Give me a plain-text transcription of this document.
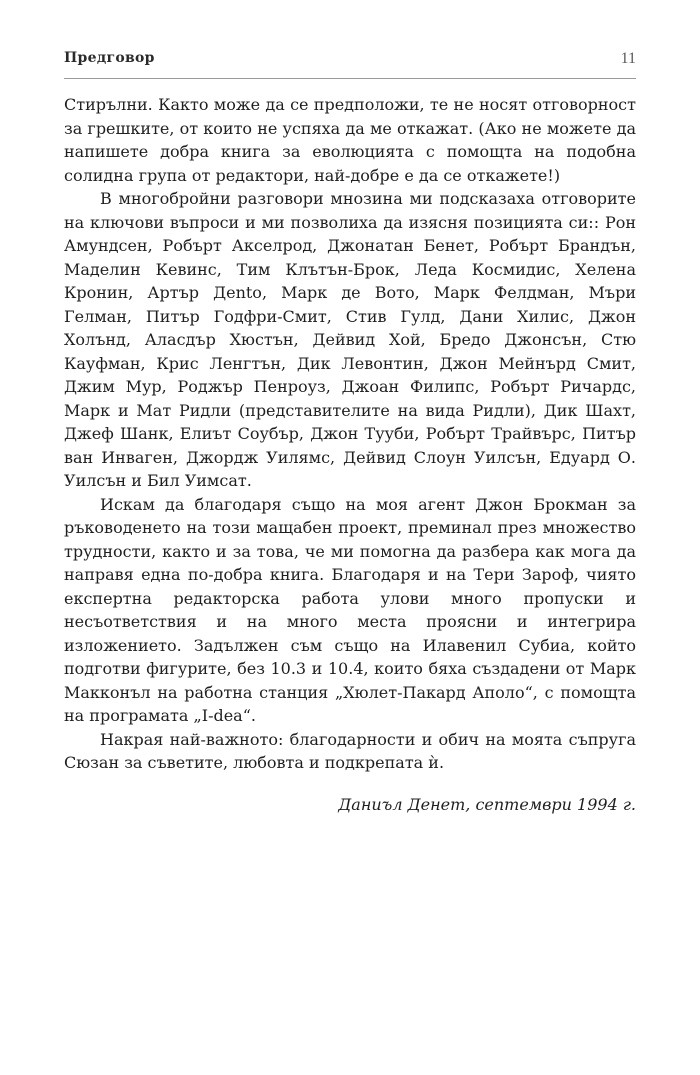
Предговор	11

Стирълни. Както може да се предположи, те не носят отговорност за грешките, от които не успяха да ме откажат. (Ако не можете да напишете добра книга за еволюцията с помощта на подобна солидна група от редактори, най-добре е да се откажете!)

В многобройни разговори мнозина ми подсказаха отговорите на ключови въпроси и ми позволиха да изясня позицията си:: Рон Амундсен, Робърт Акселрод, Джонатан Бенет, Робърт Брандън, Маделин Кевинс, Тим Клътън-Брок, Леда Космидис, Хелена Кронин, Артър Дento, Марк де Вото, Марк Фелдман, Мъри Гелман, Питър Годфри-Смит, Стив Гулд, Дани Хилис, Джон Холънд, Аласдър Хюстън, Дейвид Хой, Бредо Джонсън, Стю Кауфман, Крис Ленгтън, Дик Левонтин, Джон Мейнърд Смит, Джим Мур, Роджър Пенроуз, Джоан Филипс, Робърт Ричардс, Марк и Мат Ридли (представителите на вида Ридли), Дик Шахт, Джеф Шанк, Елиът Соубър, Джон Тууби, Робърт Трайвърс, Питър ван Инваген, Джордж Уилямс, Дейвид Слоун Уилсън, Едуард О. Уилсън и Бил Уимсат.

Искам да благодаря също на моя агент Джон Брокман за ръководенето на този мащабен проект, преминал през множество трудности, както и за това, че ми помогна да разбера как мога да направя една по-добра книга. Благодаря и на Тери Зароф, чиято експертна редакторска работа улови много пропуски и несъответствия и на много места проясни и интегрира изложението. Задължен съм също на Илавенил Субиа, който подготви фигурите, без 10.3 и 10.4, които бяха създадени от Марк Макконъл на работна станция „Хюлет-Пакард Аполо“, с помощта на програмата „I-dea“.

Накрая най-важното: благодарности и обич на моята съпруга Сюзан за съветите, любовта и подкрепата ѝ.

Даниъл Денет, септември 1994 г.
